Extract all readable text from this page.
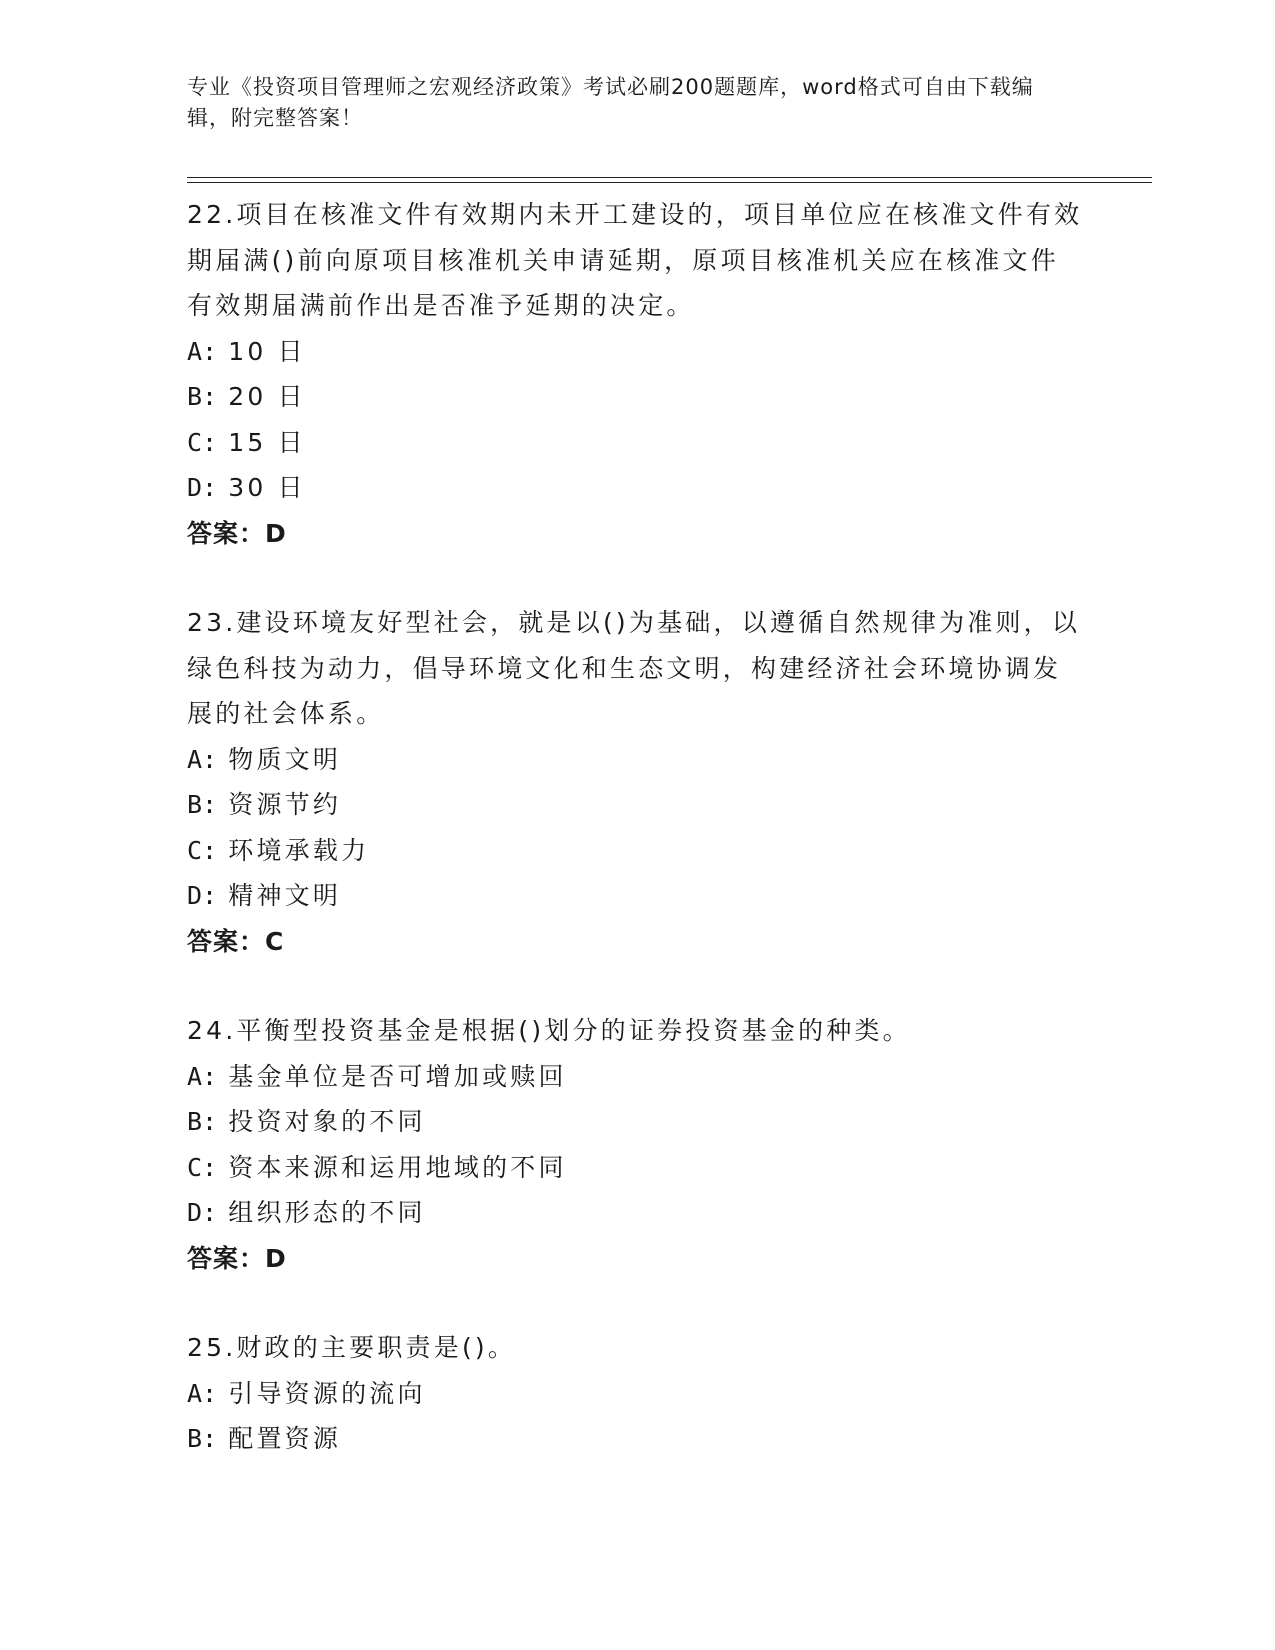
专业《投资项目管理师之宏观经济政策》考试必刷200题题库，word格式可自由下载编辑，附完整答案！

22.项目在核准文件有效期内未开工建设的，项目单位应在核准文件有效期届满()前向原项目核准机关申请延期，原项目核准机关应在核准文件有效期届满前作出是否准予延期的决定。

A: 10 日

B: 20 日

C: 15 日

D: 30 日

答案：D

23.建设环境友好型社会，就是以()为基础，以遵循自然规律为准则，以绿色科技为动力，倡导环境文化和生态文明，构建经济社会环境协调发展的社会体系。

A: 物质文明

B: 资源节约

C: 环境承载力

D: 精神文明

答案：C

24.平衡型投资基金是根据()划分的证券投资基金的种类。

A: 基金单位是否可增加或赎回

B: 投资对象的不同

C: 资本来源和运用地域的不同

D: 组织形态的不同

答案：D

25.财政的主要职责是()。

A: 引导资源的流向

B: 配置资源
